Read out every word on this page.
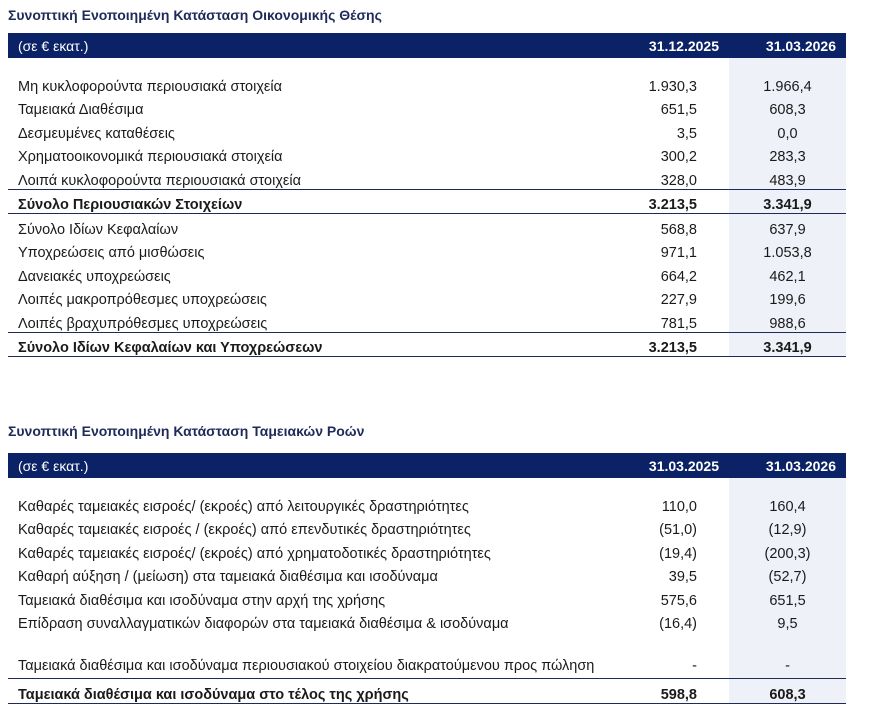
Συνοπτική Ενοποιημένη Κατάσταση Οικονομικής Θέσης
(σε € εκατ.)	31.12.2025	31.03.2026

Μη κυκλοφορούντα περιουσιακά στοιχεία	1.930,3	1.966,4
Ταμειακά Διαθέσιμα	651,5	608,3
Δεσμευμένες καταθέσεις	3,5	0,0
Χρηματοοικονομικά περιουσιακά στοιχεία	300,2	283,3
Λοιπά κυκλοφορούντα περιουσιακά στοιχεία	328,0	483,9
Σύνολο Περιουσιακών Στοιχείων	3.213,5	3.341,9
Σύνολο Ιδίων Κεφαλαίων	568,8	637,9
Υποχρεώσεις από μισθώσεις	971,1	1.053,8
Δανειακές υποχρεώσεις	664,2	462,1
Λοιπές μακροπρόθεσμες υποχρεώσεις	227,9	199,6
Λοιπές βραχυπρόθεσμες υποχρεώσεις	781,5	988,6
Σύνολο Ιδίων Κεφαλαίων και Υποχρεώσεων	3.213,5	3.341,9
Συνοπτική Ενοποιημένη Κατάσταση Ταμειακών Ροών
(σε € εκατ.)	31.03.2025	31.03.2026

Καθαρές ταμειακές εισροές/ (εκροές) από λειτουργικές δραστηριότητες	110,0	160,4
Καθαρές ταμειακές εισροές / (εκροές) από επενδυτικές δραστηριότητες	(51,0)	(12,9)
Καθαρές ταμειακές εισροές/ (εκροές) από χρηματοδοτικές δραστηριότητες	(19,4)	(200,3)
Καθαρή αύξηση / (μείωση) στα ταμειακά διαθέσιμα και ισοδύναμα	39,5	(52,7)
Ταμειακά διαθέσιμα και ισοδύναμα στην αρχή της χρήσης	575,6	651,5
Επίδραση συναλλαγματικών διαφορών στα ταμειακά διαθέσιμα & ισοδύναμα	(16,4)	9,5
Ταμειακά διαθέσιμα και ισοδύναμα περιουσιακού στοιχείου διακρατούμενου προς πώληση	-	-
Ταμειακά διαθέσιμα και ισοδύναμα στο τέλος της χρήσης	598,8	608,3
